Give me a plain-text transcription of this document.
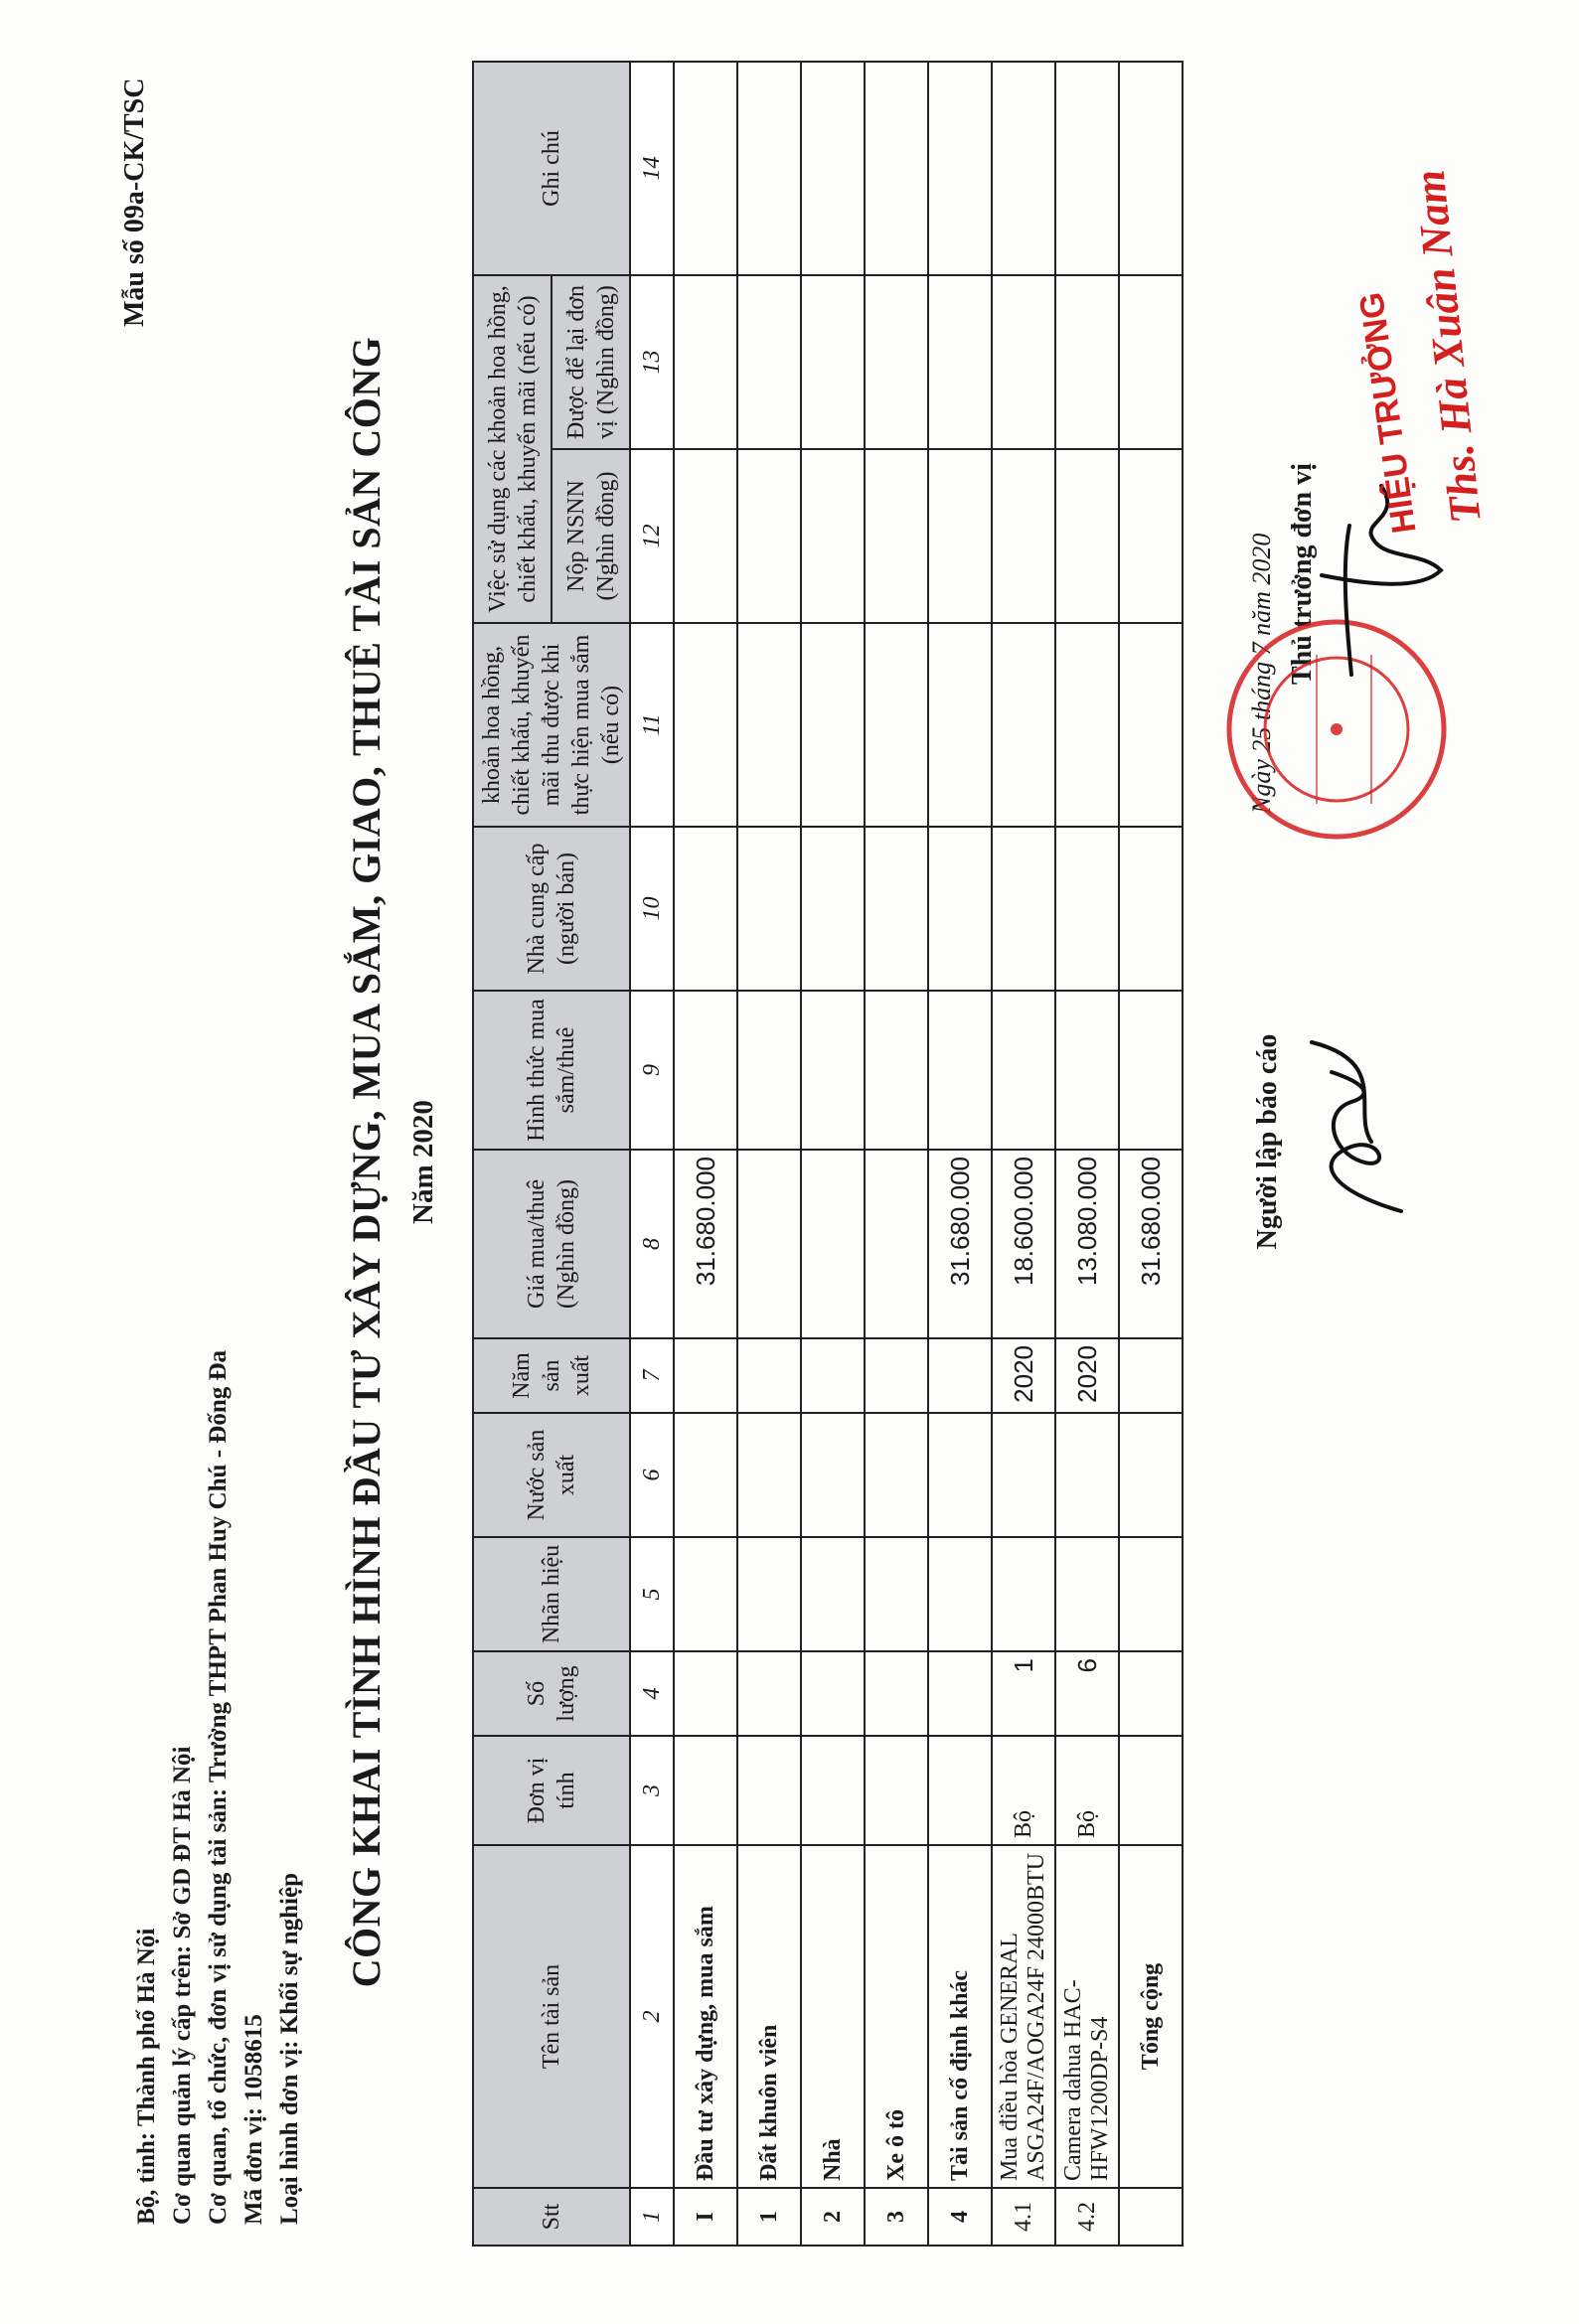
Mẫu số 09a-CK/TSC
Bộ, tỉnh: Thành phố Hà Nội Cơ quan quản lý cấp trên: Sở GD ĐT Hà Nội Cơ quan, tổ chức, đơn vị sử dụng tài sản: Trường THPT Phan Huy Chú - Đống Đa Mã đơn vị: 1058615 Loại hình đơn vị: Khối sự nghiệp
CÔNG KHAI TÌNH HÌNH ĐẦU TƯ XÂY DỰNG, MUA SẮM, GIAO, THUÊ TÀI SẢN CÔNG Năm 2020
Stt	Tên tài sản	Đơn vị tính	Số lượng	Nhãn hiệu	Nước sản xuất	Năm sản xuất	Giá mua/thuê (Nghìn đồng)	Hình thức mua sắm/thuê	Nhà cung cấp (người bán)	khoản hoa hồng, chiết khấu, khuyến mãi thu được khi thực hiện mua sắm (nếu có)	Việc sử dụng các khoản hoa hồng, chiết khấu, khuyến mãi (nếu có)		Ghi chú
											Nộp NSNN (Nghìn đồng)	Được để lại đơn vị (Nghìn đồng)	
1	2	3	4	5	6	7	8	9	10	11	12	13	14
I	Đầu tư xây dựng, mua sắm						31.680.000						
1	Đất khuôn viên												
2	Nhà												
3	Xe ô tô												
4	Tài sản cố định khác						31.680.000						
4.1	Mua điều hòa GENERAL ASGA24F/AOGA24F 24000BTU	Bộ	1			2020	18.600.000						
4.2	Camera dahua HAC-HFW1200DP-S4	Bộ	6			2020	13.080.000						
	Tổng cộng						31.680.000							Người lập báo cáo
Ngày 25 tháng 7 năm 2020 Thủ trưởng đơn vị
HIỆU TRƯỞNG
Ths. Hà Xuân Nam
